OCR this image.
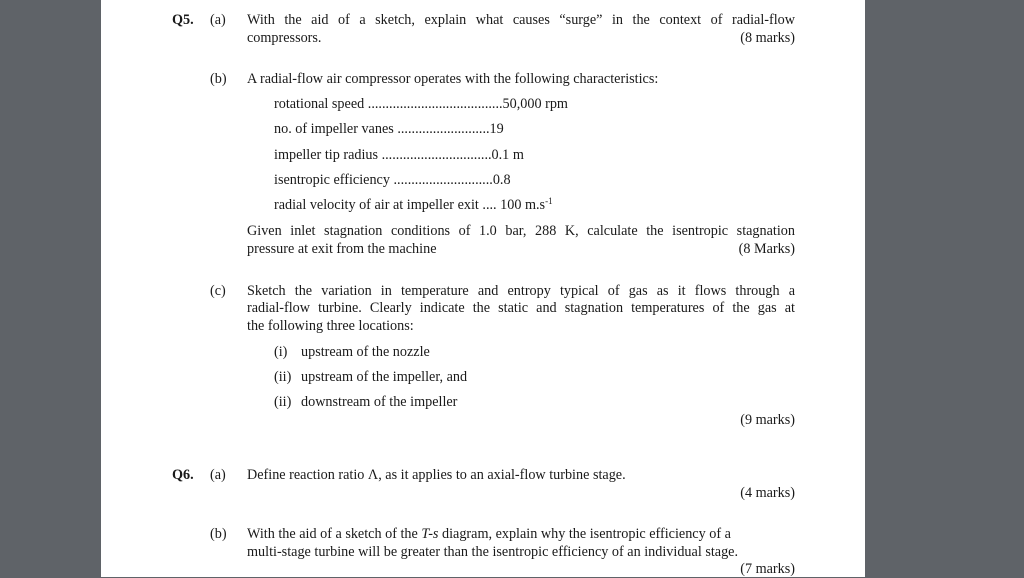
Q5. (a) With the aid of a sketch, explain what causes “surge” in the context of radial-flow
compressors.	(8 marks)
(b) A radial-flow air compressor operates with the following characteristics:
rotational speed ......................................50,000 rpm
no. of impeller vanes ..........................19
impeller tip radius ...............................0.1 m
isentropic efficiency ............................0.8
radial velocity of air at impeller exit .... 100 $m.s^{-1}$
Given inlet stagnation conditions of 1.0 bar, 288 K, calculate the isentropic stagnation
pressure at exit from the machine	(8 Marks)
(c) Sketch the variation in temperature and entropy typical of gas as it flows through a
radial-flow turbine. Clearly indicate the static and stagnation temperatures of the gas at
the following three locations:
(i) upstream of the nozzle
(ii) upstream of the impeller, and
(ii) downstream of the impeller
(9 marks)
Q6. (a) Define reaction ratio Λ, as it applies to an axial-flow turbine stage.
(4 marks)
(b) With the aid of a sketch of the T-s diagram, explain why the isentropic efficiency of a
multi-stage turbine will be greater than the isentropic efficiency of an individual stage.
(7 marks)
